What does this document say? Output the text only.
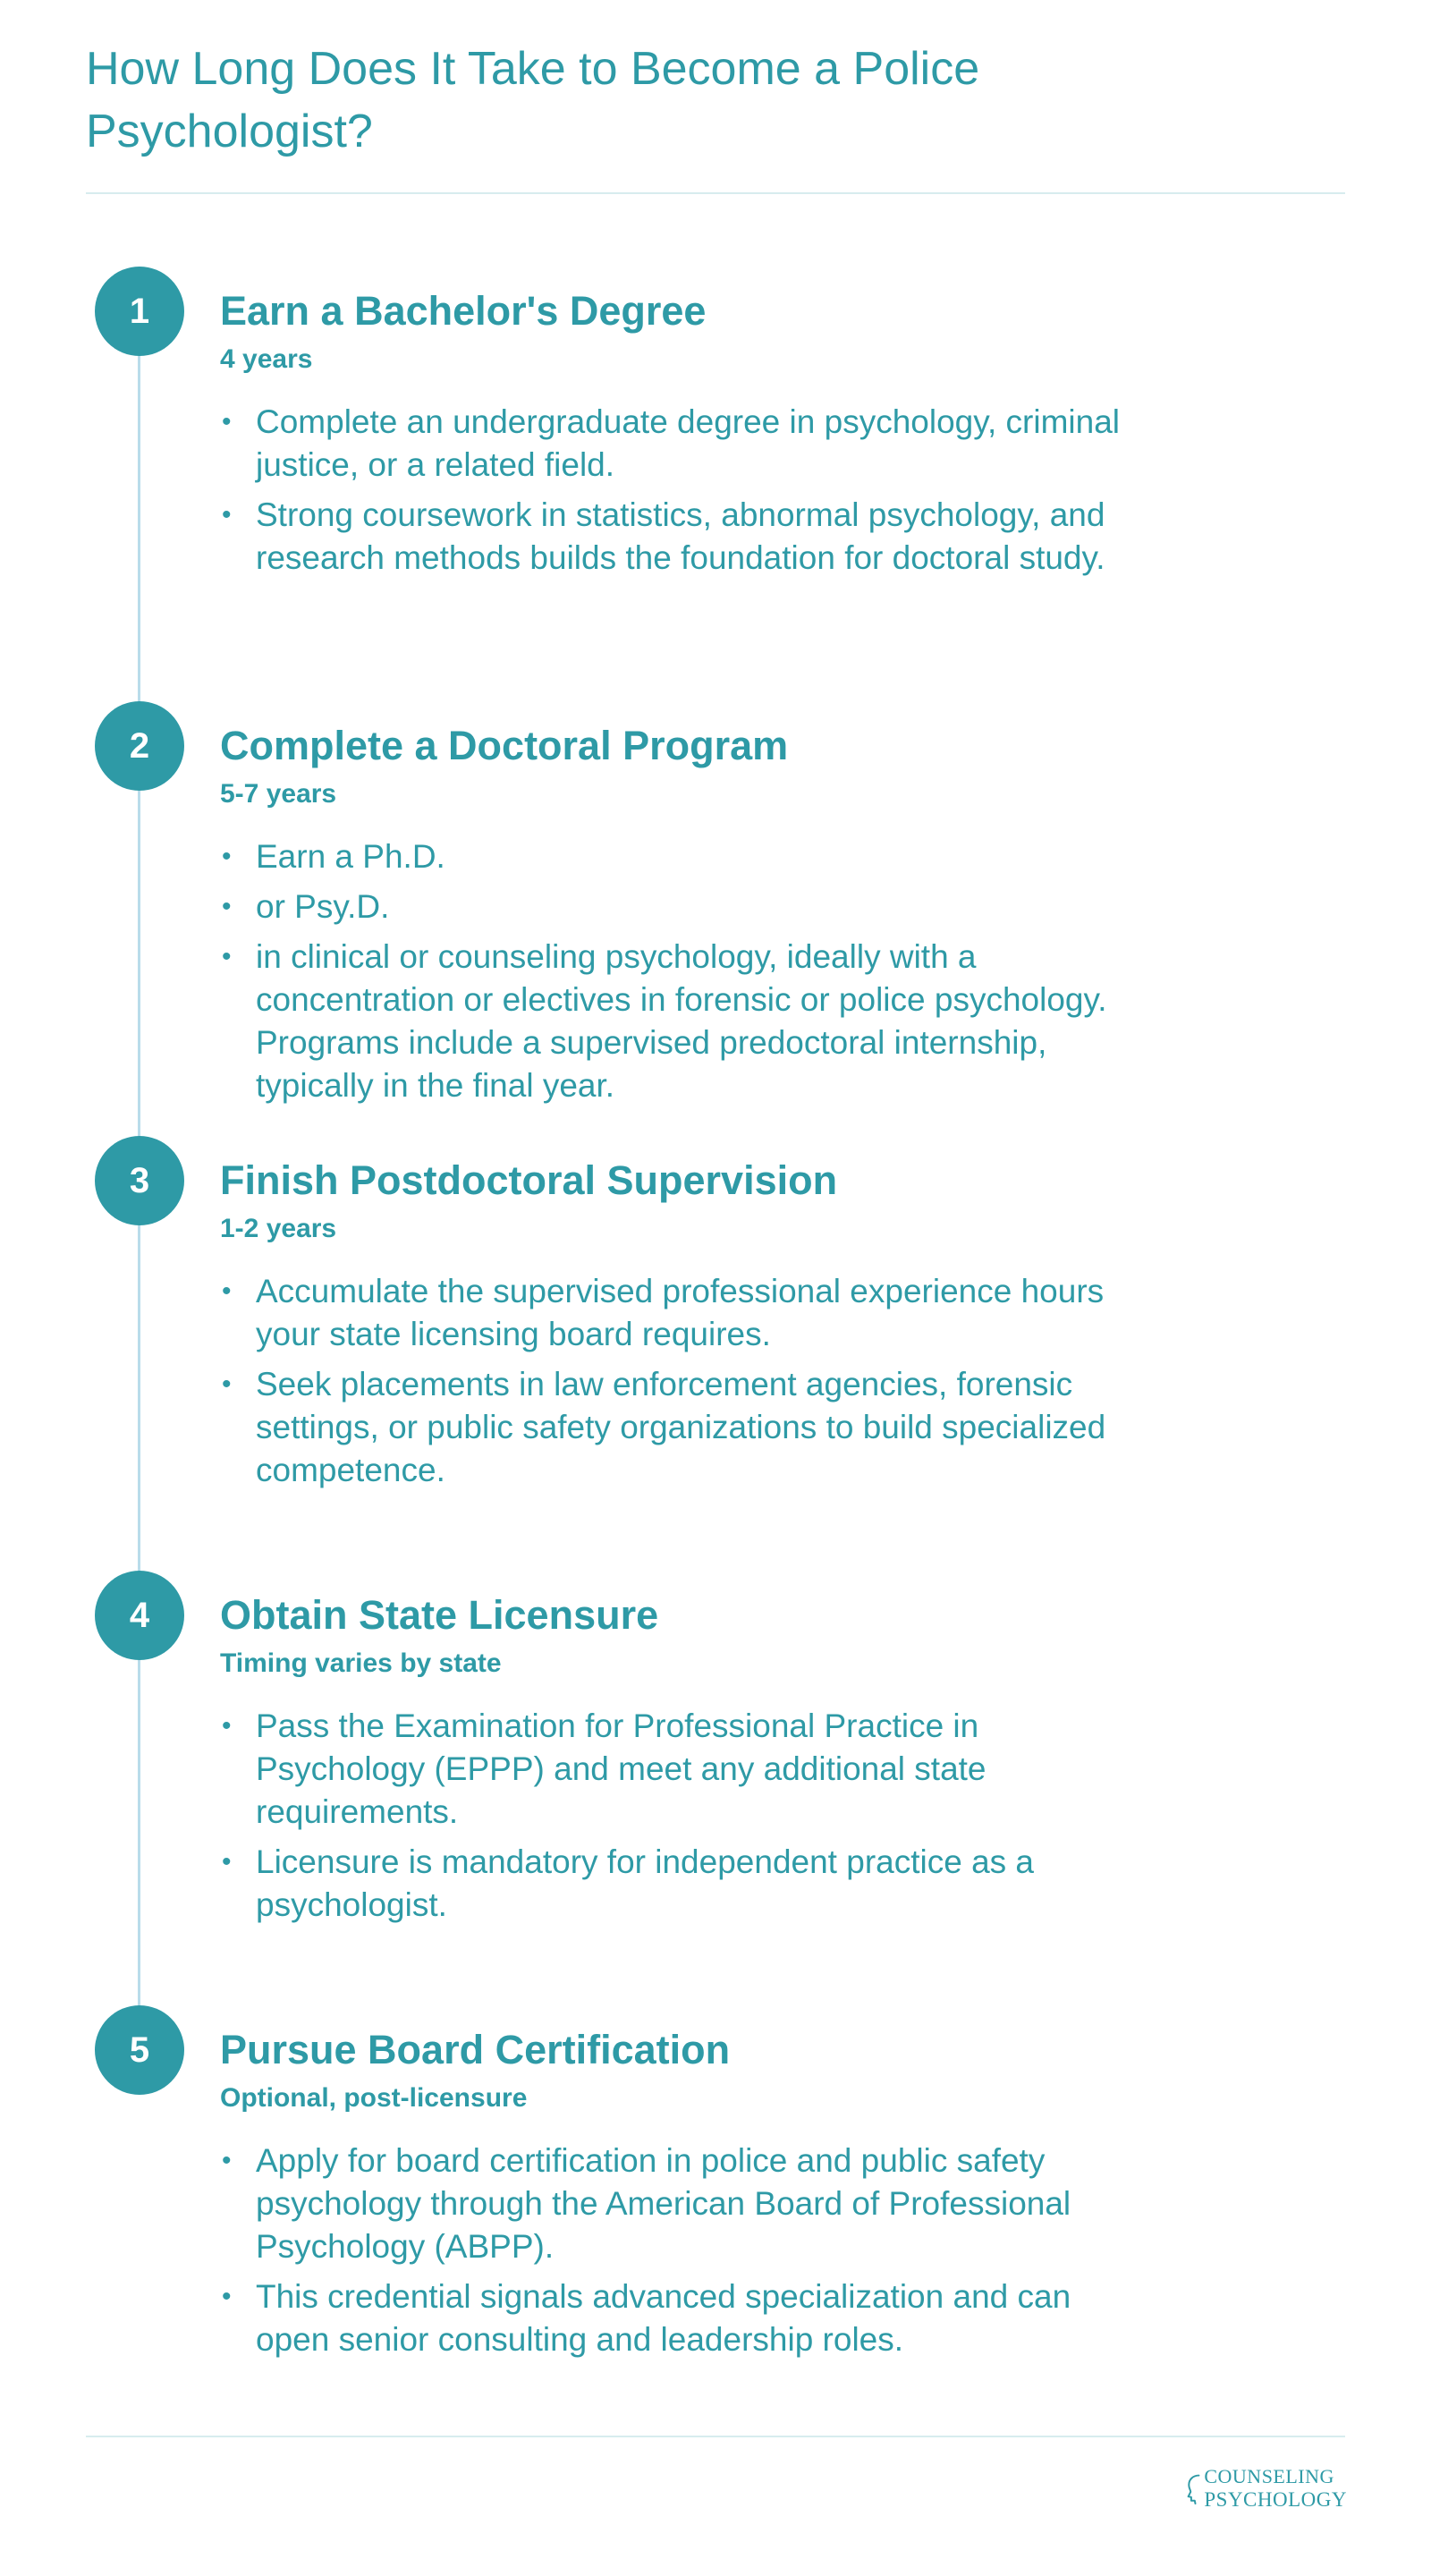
How Long Does It Take to Become a Police Psychologist?
1	Earn a Bachelor's Degree
4 years
• Complete an undergraduate degree in psychology, criminal justice, or a related field.
• Strong coursework in statistics, abnormal psychology, and research methods builds the foundation for doctoral study.
2	Complete a Doctoral Program
5-7 years
• Earn a Ph.D.
• or Psy.D.
• in clinical or counseling psychology, ideally with a concentration or electives in forensic or police psychology. Programs include a supervised predoctoral internship, typically in the final year.
3	Finish Postdoctoral Supervision
1-2 years
• Accumulate the supervised professional experience hours your state licensing board requires.
• Seek placements in law enforcement agencies, forensic settings, or public safety organizations to build specialized competence.
4	Obtain State Licensure
Timing varies by state
• Pass the Examination for Professional Practice in Psychology (EPPP) and meet any additional state requirements.
• Licensure is mandatory for independent practice as a psychologist.
5	Pursue Board Certification
Optional, post-licensure
• Apply for board certification in police and public safety psychology through the American Board of Professional Psychology (ABPP).
• This credential signals advanced specialization and can open senior consulting and leadership roles.
COUNSELING
PSYCHOLOGY
